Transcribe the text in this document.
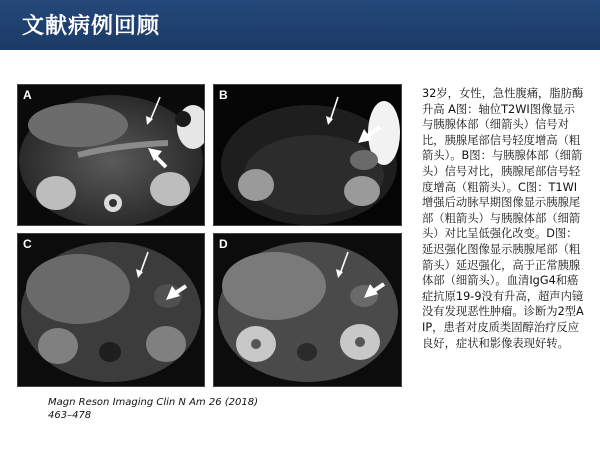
文献病例回顾
A	B
C	D
32岁，女性，急性腹痛，脂肪酶升高 A图：轴位T2WI图像显示与胰腺体部（细箭头）信号对比，胰腺尾部信号轻度增高（粗箭头）。B图：与胰腺体部（细箭头）信号对比，胰腺尾部信号轻度增高（粗箭头）。C图：T1WI增强后动脉早期图像显示胰腺尾部（粗箭头）与胰腺体部（细箭头）对比呈低强化改变。D图：延迟强化图像显示胰腺尾部（粗箭头）延迟强化，高于正常胰腺体部（细箭头）。血清IgG4和癌症抗原19-9没有升高，超声内镜没有发现恶性肿瘤。诊断为2型AIP，患者对皮质类固醇治疗反应良好，症状和影像表现好转。
Magn Reson Imaging Clin N Am 26 (2018)
463–478
